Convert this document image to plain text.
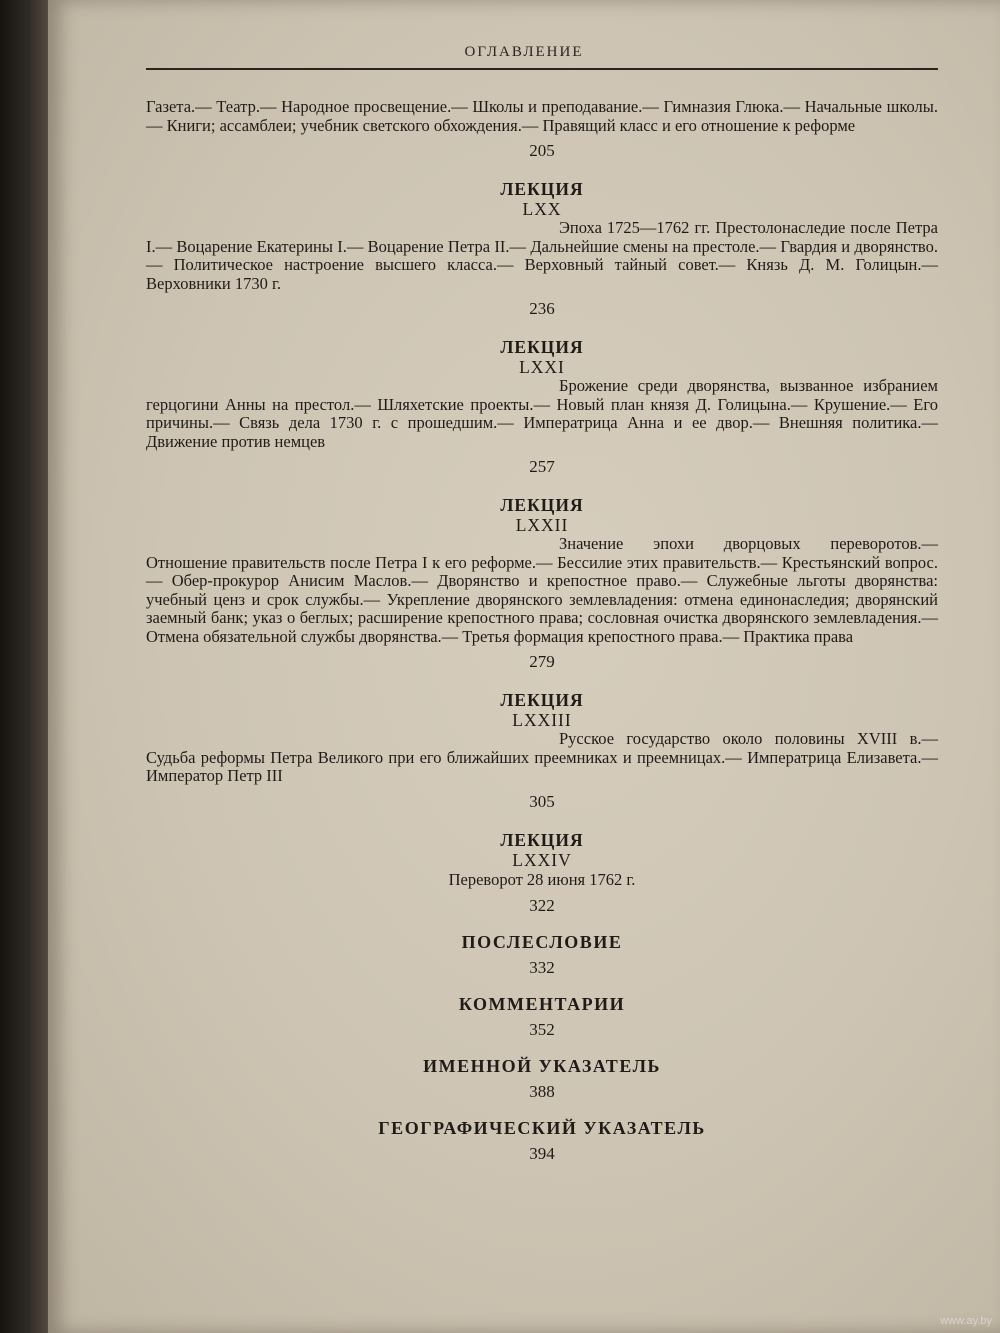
ОГЛАВЛЕНИЕ

Газета.— Театр.— Народное просвещение.— Школы и преподавание.— Гимназия Глюка.— Начальные школы.— Книги; ассамблеи; учебник светского обхождения.— Правящий класс и его отношение к реформе

205
ЛЕКЦИЯ
LXX

Эпоха 1725—1762 гг. Престолонаследие после Петра I.— Воцарение Екатерины I.— Воцарение Петра II.— Дальнейшие смены на престоле.— Гвардия и дворянство.— Политическое настроение высшего класса.— Верховный тайный совет.— Князь Д. М. Голицын.— Верховники 1730 г.

236
ЛЕКЦИЯ
LXXI

Брожение среди дворянства, вызванное избранием герцогини Анны на престол.— Шляхетские проекты.— Новый план князя Д. Голицына.— Крушение.— Его причины.— Связь дела 1730 г. с прошедшим.— Императрица Анна и ее двор.— Внешняя политика.— Движение против немцев

257
ЛЕКЦИЯ
LXXII

Значение эпохи дворцовых переворотов.— Отношение правительств после Петра I к его реформе.— Бессилие этих правительств.— Крестьянский вопрос.— Обер-прокурор Анисим Маслов.— Дворянство и крепостное право.— Служебные льготы дворянства: учебный ценз и срок службы.— Укрепление дворянского землевладения: отмена единонаследия; дворянский заемный банк; указ о беглых; расширение крепостного права; сословная очистка дворянского землевладения.— Отмена обязательной службы дворянства.— Третья формация крепостного права.— Практика права

279
ЛЕКЦИЯ
LXXIII

Русское государство около половины XVIII в.— Судьба реформы Петра Великого при его ближайших преемниках и преемницах.— Императрица Елизавета.— Император Петр III

305
ЛЕКЦИЯ
LXXIV
Переворот 28 июня 1762 г.
322
ПОСЛЕСЛОВИЕ
332
КОММЕНТАРИИ
352
ИМЕННОЙ УКАЗАТЕЛЬ
388
ГЕОГРАФИЧЕСКИЙ УКАЗАТЕЛЬ
394
www.ay.by
